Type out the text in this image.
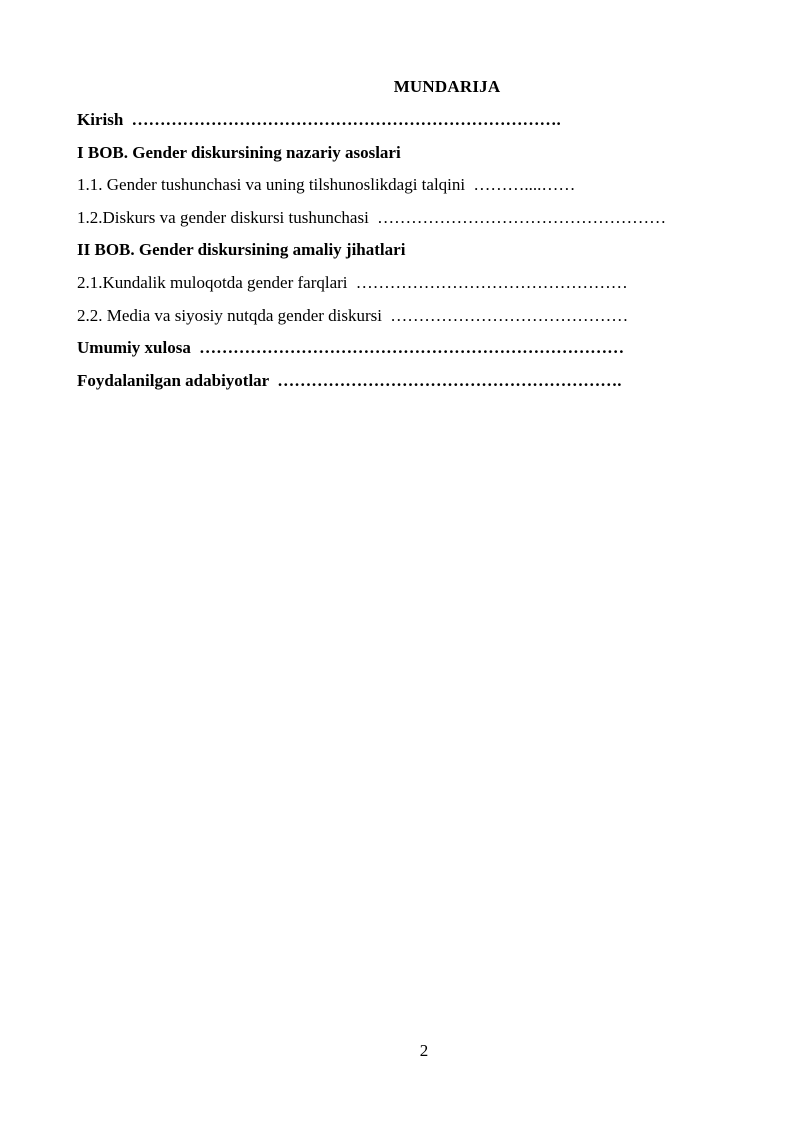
MUNDARIJA
Kirish ………………………………………………………………….
I BOB. Gender diskursining nazariy asoslari
1.1. Gender tushunchasi va uning tilshunoslikdagi talqini ………....……
1.2.Diskurs va gender diskursi tushunchasi ……………………………………………
II BOB. Gender diskursining amaliy jihatlari
2.1.Kundalik muloqotda gender farqlari …………………………………………
2.2. Media va siyosiy nutqda gender diskursi ……………………………………
Umumiy xulosa …………………………………………………………………
Foydalanilgan adabiyotlar …………………………………………………….
2
